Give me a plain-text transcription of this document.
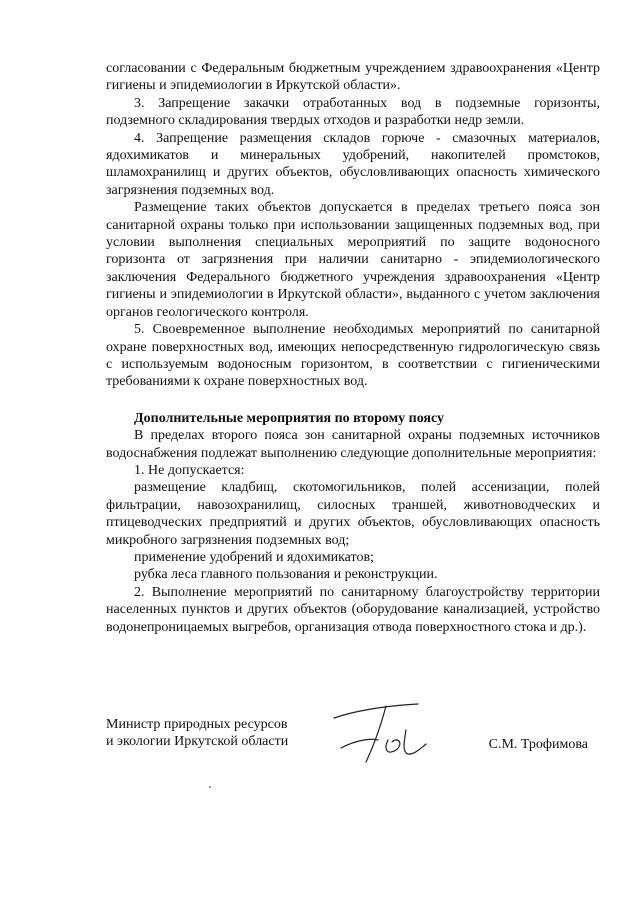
согласовании с Федеральным бюджетным учреждением здравоохранения «Центр гигиены и эпидемиологии в Иркутской области».

3. Запрещение закачки отработанных вод в подземные горизонты, подземного складирования твердых отходов и разработки недр земли.

4. Запрещение размещения складов горюче - смазочных материалов, ядохимикатов и минеральных удобрений, накопителей промстоков, шламохранилищ и других объектов, обусловливающих опасность химического загрязнения подземных вод.

Размещение таких объектов допускается в пределах третьего пояса зон санитарной охраны только при использовании защищенных подземных вод, при условии выполнения специальных мероприятий по защите водоносного горизонта от загрязнения при наличии санитарно - эпидемиологического заключения Федерального бюджетного учреждения здравоохранения «Центр гигиены и эпидемиологии в Иркутской области», выданного с учетом заключения органов геологического контроля.

5. Своевременное выполнение необходимых мероприятий по санитарной охране поверхностных вод, имеющих непосредственную гидрологическую связь с используемым водоносным горизонтом, в соответствии с гигиеническими требованиями к охране поверхностных вод.

Дополнительные мероприятия по второму поясу

В пределах второго пояса зон санитарной охраны подземных источников водоснабжения подлежат выполнению следующие дополнительные мероприятия:

1. Не допускается:

размещение кладбищ, скотомогильников, полей ассенизации, полей фильтрации, навозохранилищ, силосных траншей, животноводческих и птицеводческих предприятий и других объектов, обусловливающих опасность микробного загрязнения подземных вод;

применение удобрений и ядохимикатов;

рубка леса главного пользования и реконструкции.

2. Выполнение мероприятий по санитарному благоустройству территории населенных пунктов и других объектов (оборудование канализацией, устройство водонепроницаемых выгребов, организация отвода поверхностного стока и др.).

Министр природных ресурсов
и экологии Иркутской области	С.М. Трофимова
